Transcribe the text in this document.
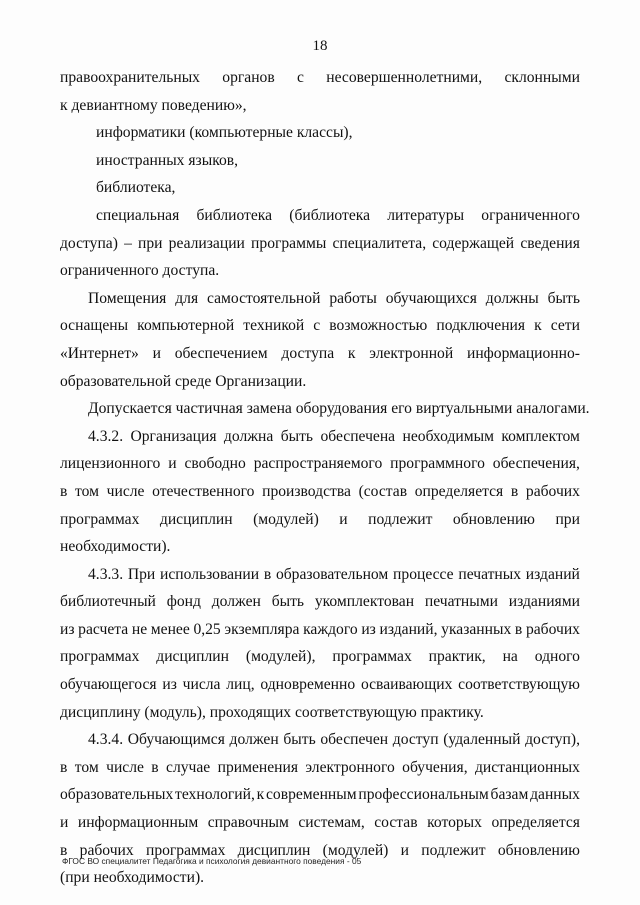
18
правоохранительных органов с несовершеннолетними, склонными
к девиантному поведению»,
информатики (компьютерные классы),
иностранных языков,
библиотека,
специальная библиотека (библиотека литературы ограниченного
доступа) – при реализации программы специалитета, содержащей сведения
ограниченного доступа.
Помещения для самостоятельной работы обучающихся должны быть
оснащены компьютерной техникой с возможностью подключения к сети
«Интернет» и обеспечением доступа к электронной информационно-
образовательной среде Организации.
Допускается частичная замена оборудования его виртуальными аналогами.
4.3.2. Организация должна быть обеспечена необходимым комплектом
лицензионного и свободно распространяемого программного обеспечения,
в том числе отечественного производства (состав определяется в рабочих
программах дисциплин (модулей) и подлежит обновлению при
необходимости).
4.3.3. При использовании в образовательном процессе печатных изданий
библиотечный фонд должен быть укомплектован печатными изданиями
из расчета не менее 0,25 экземпляра каждого из изданий, указанных в рабочих
программах дисциплин (модулей), программах практик, на одного
обучающегося из числа лиц, одновременно осваивающих соответствующую
дисциплину (модуль), проходящих соответствующую практику.
4.3.4. Обучающимся должен быть обеспечен доступ (удаленный доступ),
в том числе в случае применения электронного обучения, дистанционных
образовательных технологий, к современным профессиональным базам данных
и информационным справочным системам, состав которых определяется
в рабочих программах дисциплин (модулей) и подлежит обновлению
(при необходимости).
ФГОС ВО специалитет Педагогика и психология девиантного поведения - 05
